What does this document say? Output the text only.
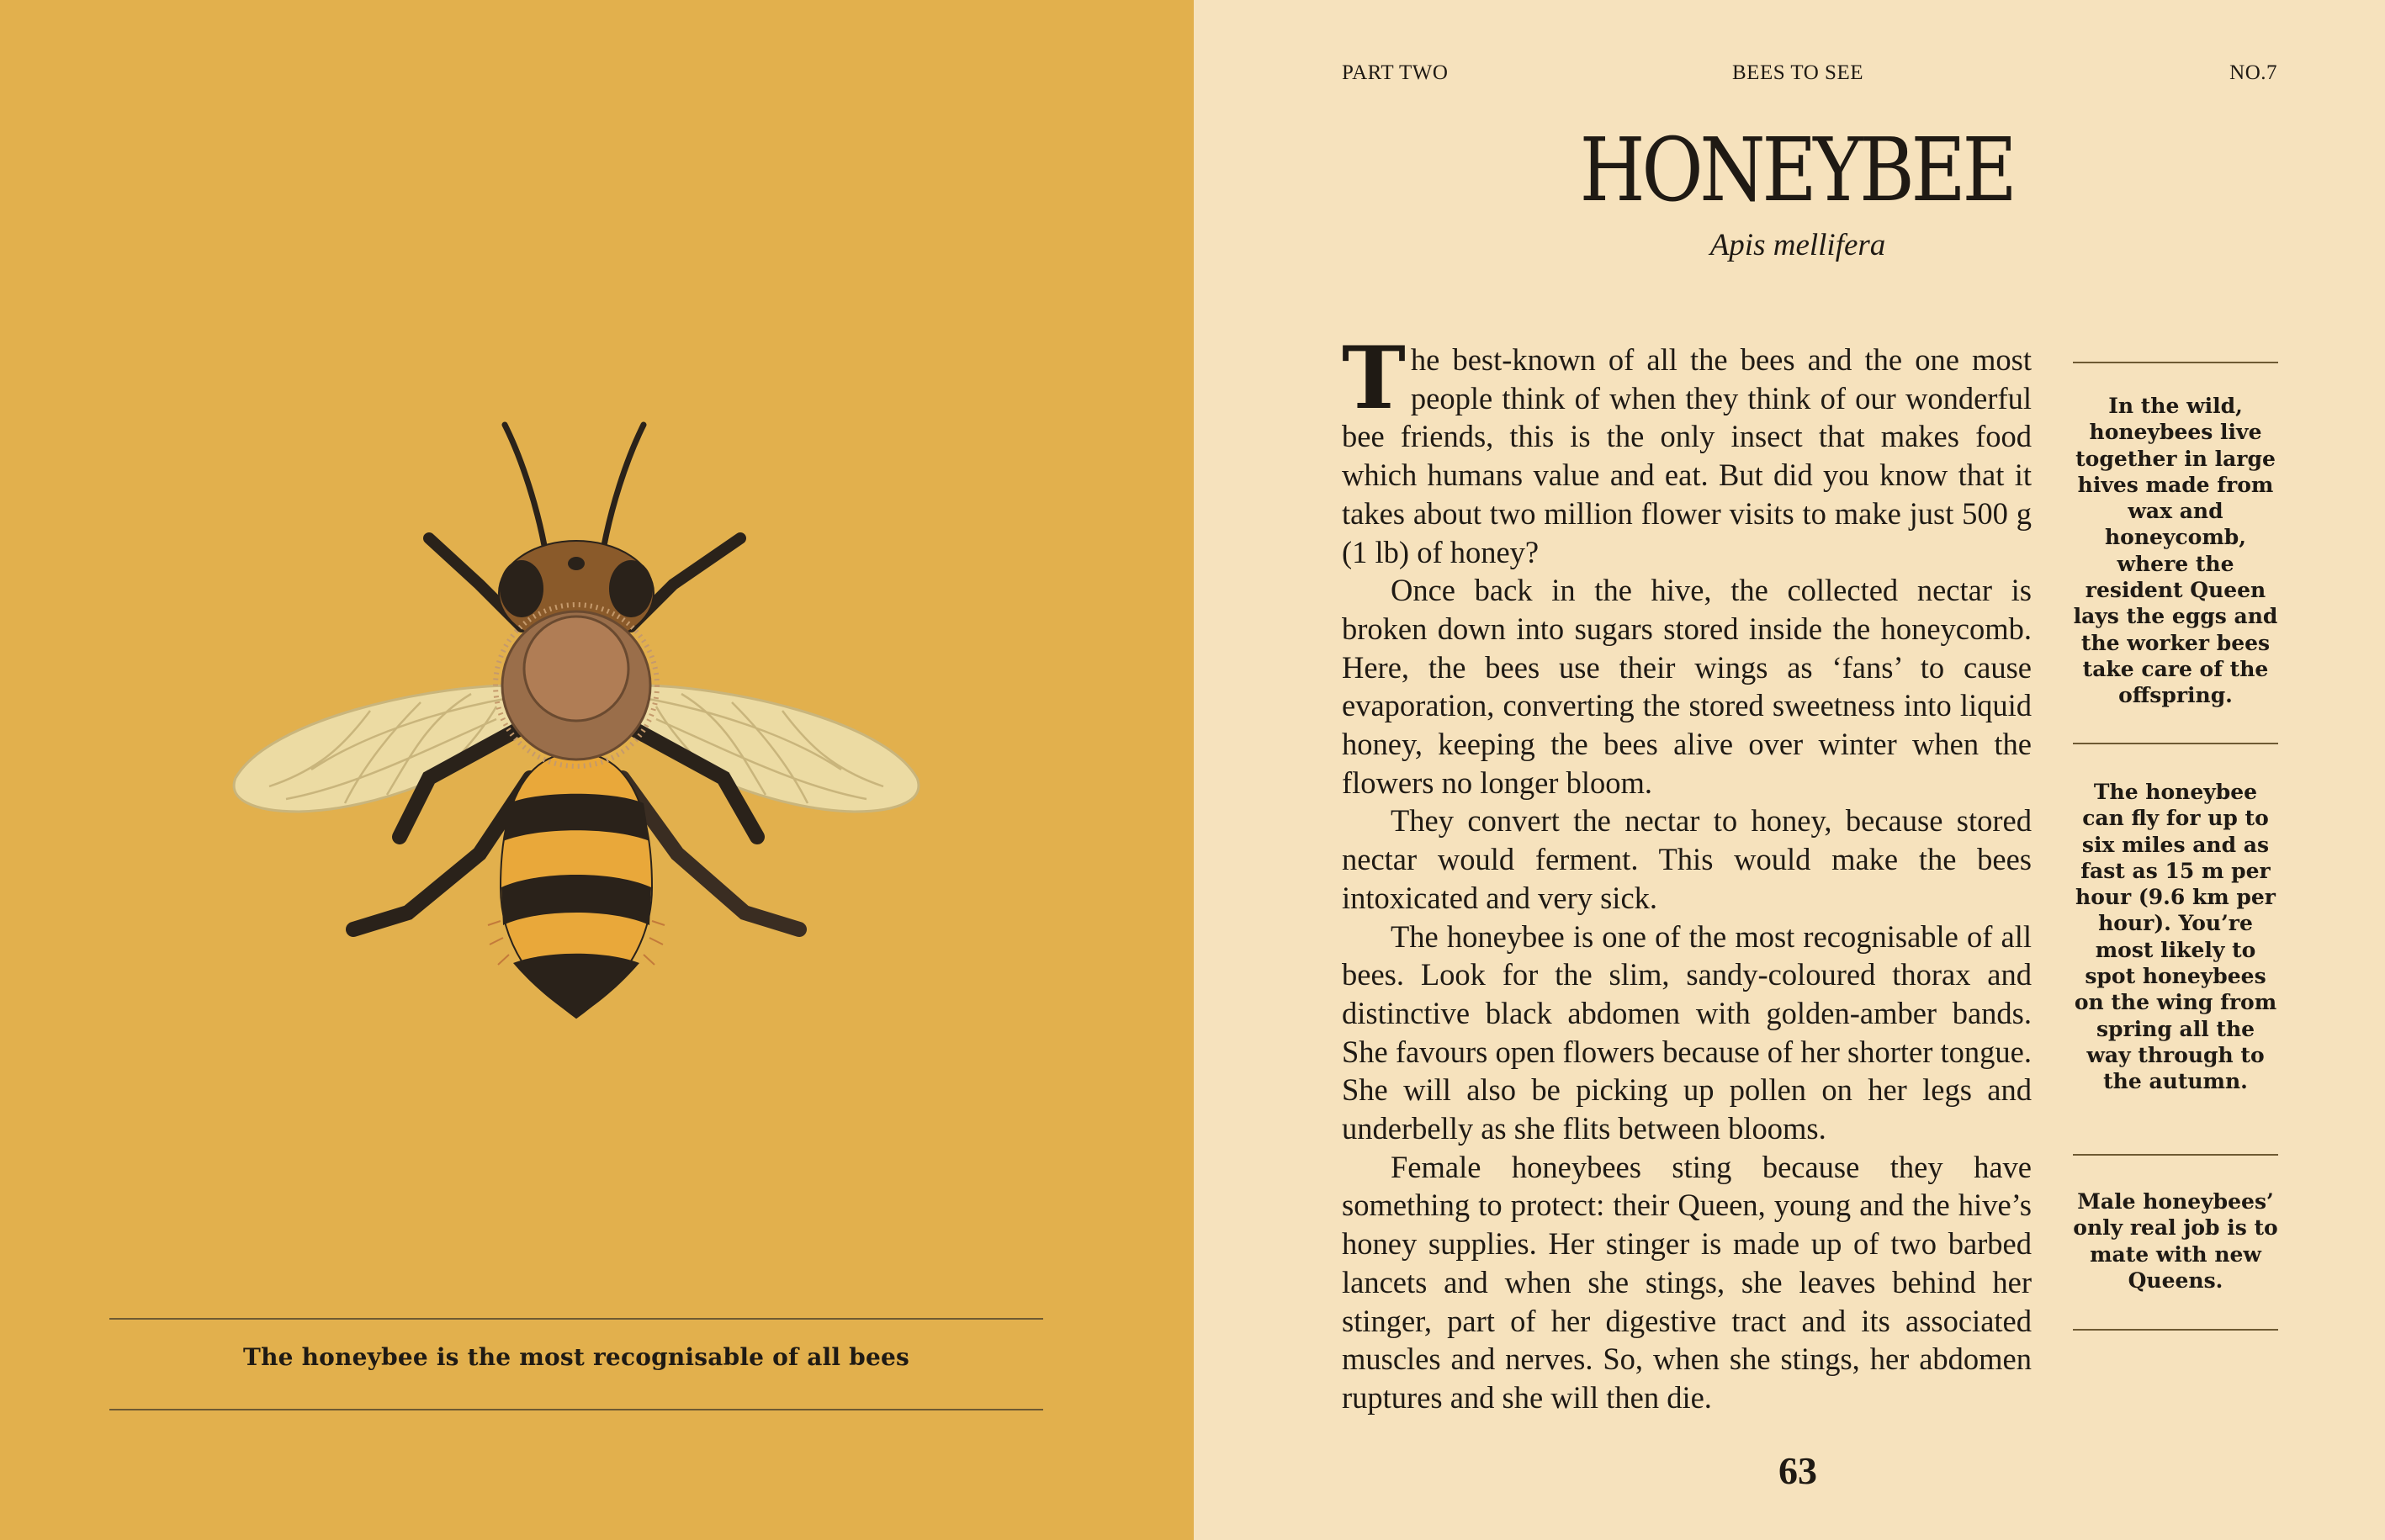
The honeybee is the most recognisable of all bees
PART TWO	BEES TO SEE	NO.7
HONEYBEE
Apis mellifera

The best-known of all the bees and the one most people think of when they think of our wonderful bee friends, this is the only insect that makes food which humans value and eat. But did you know that it takes about two million flower visits to make just 500 g (1 lb) of honey?

Once back in the hive, the collected nectar is broken down into sugars stored inside the honeycomb. Here, the bees use their wings as ‘fans’ to cause evaporation, converting the stored sweetness into liquid honey, keeping the bees alive over winter when the flowers no longer bloom.

They convert the nectar to honey, because stored nectar would ferment. This would make the bees intoxicated and very sick.

The honeybee is one of the most recognisable of all bees. Look for the slim, sandy-coloured thorax and distinctive black abdomen with golden-amber bands. She favours open flowers because of her shorter tongue. She will also be picking up pollen on her legs and underbelly as she flits between blooms.

Female honeybees sting because they have something to protect: their Queen, young and the hive’s honey supplies. Her stinger is made up of two barbed lancets and when she stings, she leaves behind her stinger, part of her digestive tract and its associated muscles and nerves. So, when she stings, her abdomen ruptures and she will then die.

In the wild, honeybees live together in large hives made from wax and honeycomb, where the resident Queen lays the eggs and the worker bees take care of the offspring.
The honeybee can fly for up to six miles and as fast as 15 m per hour (9.6 km per hour). You’re most likely to spot honeybees on the wing from spring all the way through to the autumn.
Male honeybees’ only real job is to mate with new Queens.
63
